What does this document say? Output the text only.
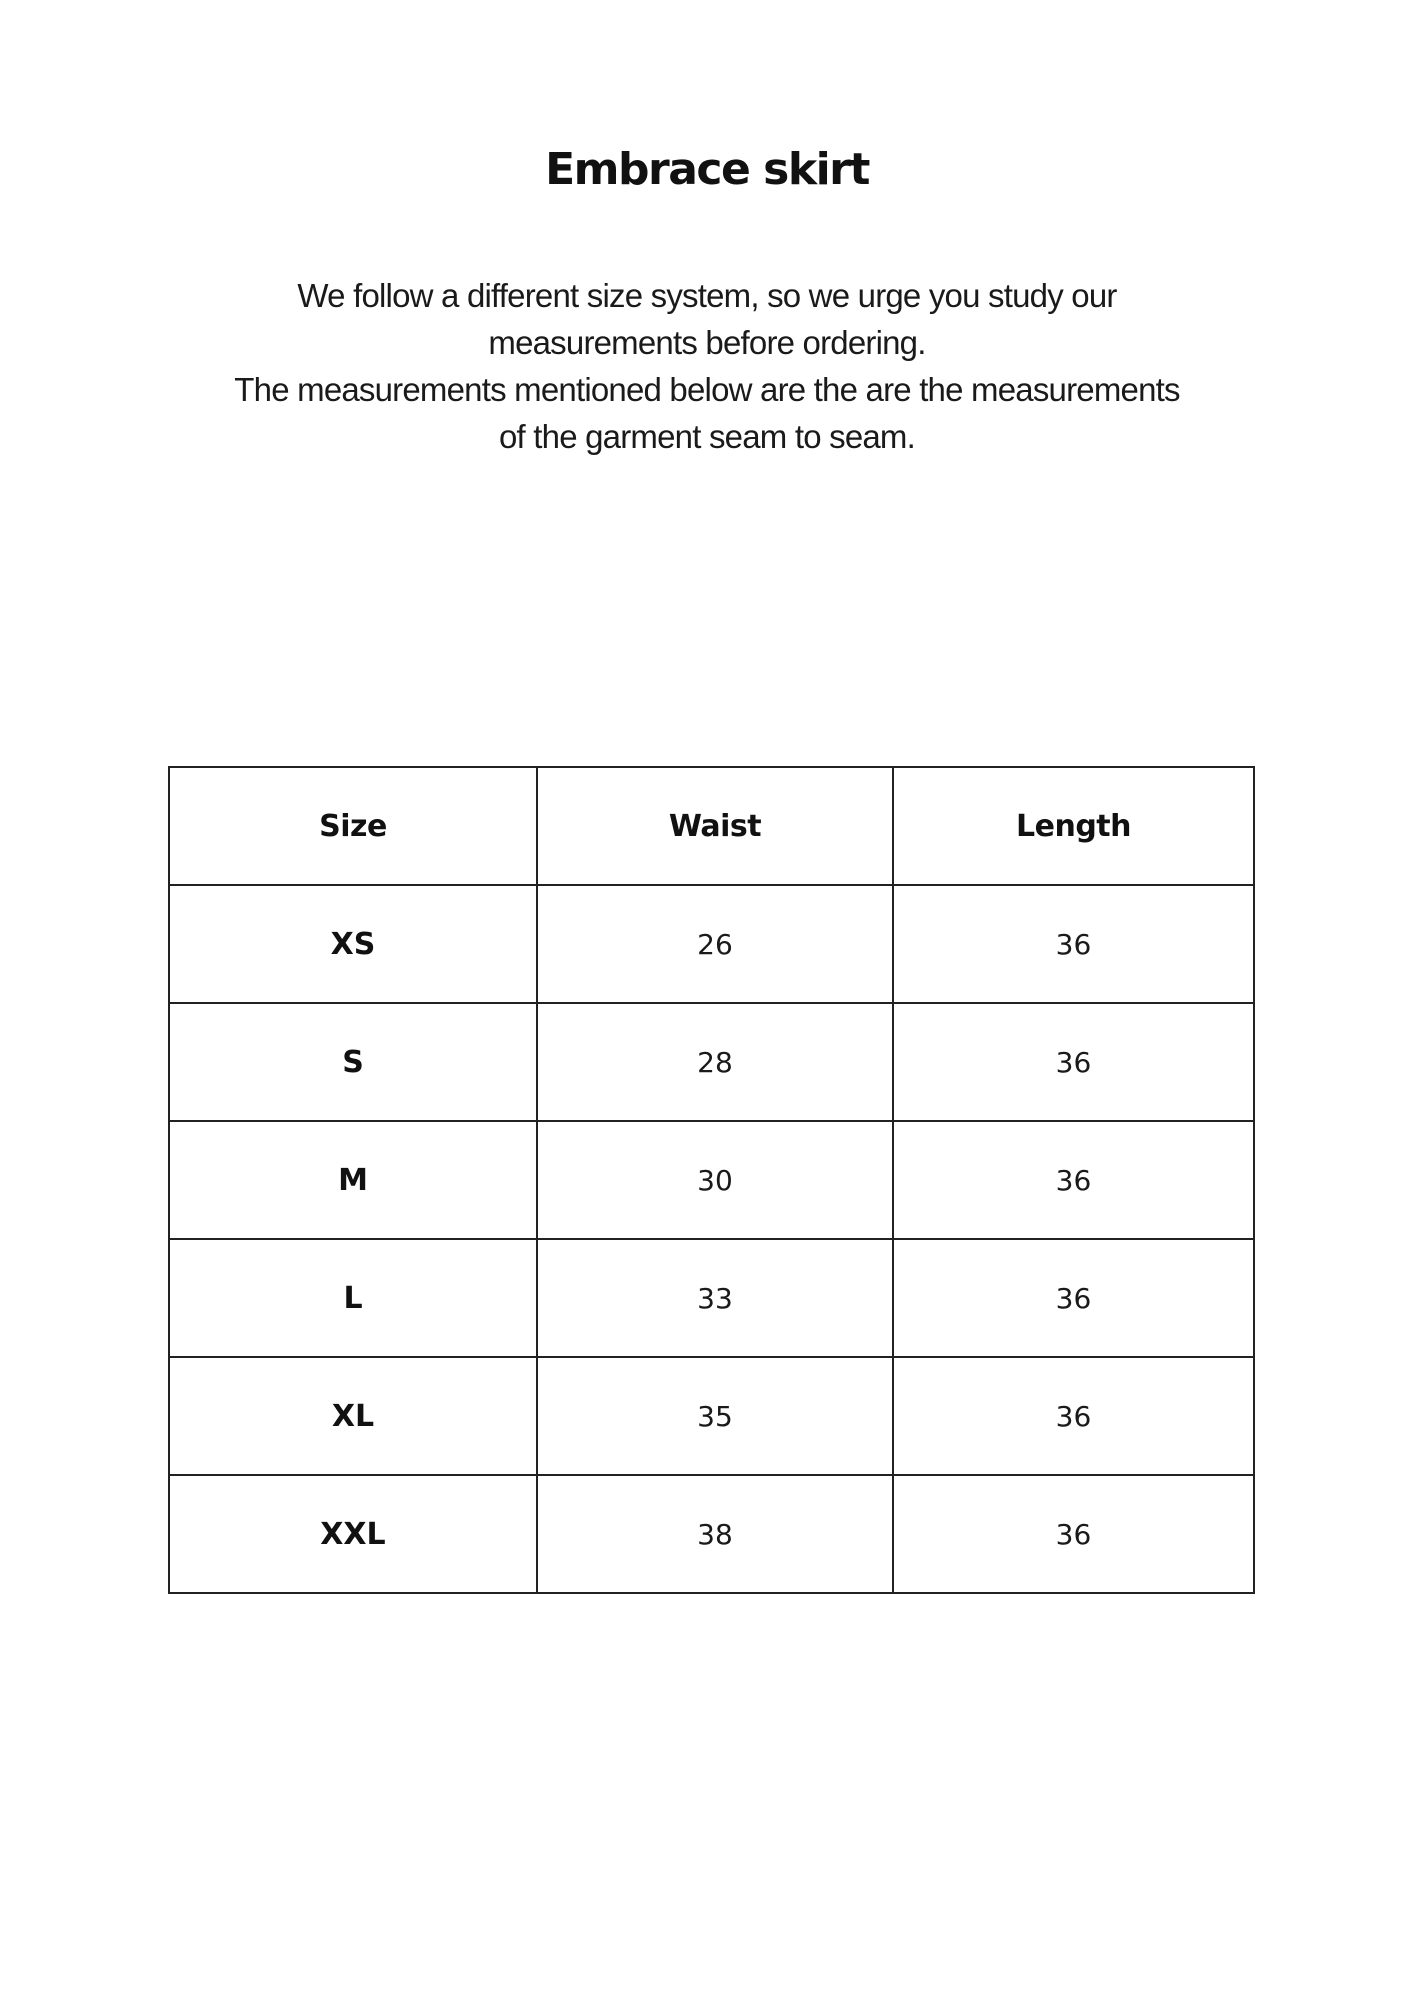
Embrace skirt
We follow a different size system, so we urge you study our
measurements before ordering.
The measurements mentioned below are the are the measurements
of the garment seam to seam.
Size	Waist	Length
XS	26	36
S	28	36
M	30	36
L	33	36
XL	35	36
XXL	38	36
